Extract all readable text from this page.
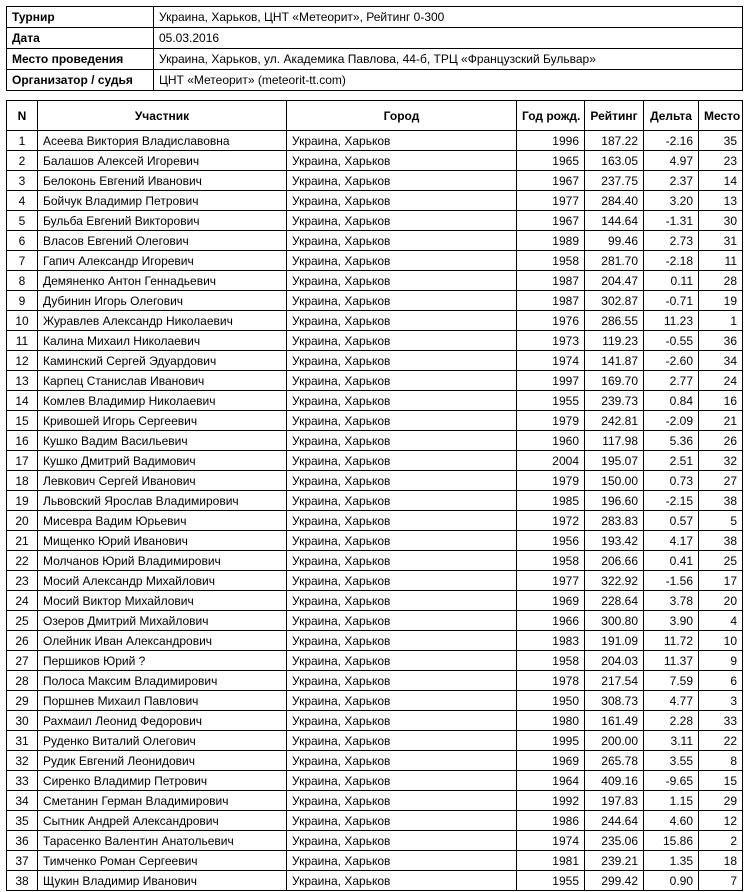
Турнир	Украина, Харьков, ЦНТ «Метеорит», Рейтинг 0-300
Дата	05.03.2016
Место проведения	Украина, Харьков, ул. Академика Павлова, 44-б, ТРЦ «Французский Бульвар»
Организатор / судья	ЦНТ «Метеорит» (meteorit-tt.com)
N	Участник	Город	Год рожд.	Рейтинг	Дельта	Место
1	Асеева Виктория Владиславовна	Украина, Харьков	1996	187.22	-2.16	35
2	Балашов Алексей Игоревич	Украина, Харьков	1965	163.05	4.97	23
3	Белоконь Евгений Иванович	Украина, Харьков	1967	237.75	2.37	14
4	Бойчук Владимир Петрович	Украина, Харьков	1977	284.40	3.20	13
5	Бульба Евгений Викторович	Украина, Харьков	1967	144.64	-1.31	30
6	Власов Евгений Олегович	Украина, Харьков	1989	99.46	2.73	31
7	Гапич Александр Игоревич	Украина, Харьков	1958	281.70	-2.18	11
8	Демяненко Антон Геннадьевич	Украина, Харьков	1987	204.47	0.11	28
9	Дубинин Игорь Олегович	Украина, Харьков	1987	302.87	-0.71	19
10	Журавлев Александр Николаевич	Украина, Харьков	1976	286.55	11.23	1
11	Калина Михаил Николаевич	Украина, Харьков	1973	119.23	-0.55	36
12	Каминский Сергей Эдуардович	Украина, Харьков	1974	141.87	-2.60	34
13	Карпец Станислав Иванович	Украина, Харьков	1997	169.70	2.77	24
14	Комлев Владимир Николаевич	Украина, Харьков	1955	239.73	0.84	16
15	Кривошей Игорь Сергеевич	Украина, Харьков	1979	242.81	-2.09	21
16	Кушко Вадим Васильевич	Украина, Харьков	1960	117.98	5.36	26
17	Кушко Дмитрий Вадимович	Украина, Харьков	2004	195.07	2.51	32
18	Левкович Сергей Иванович	Украина, Харьков	1979	150.00	0.73	27
19	Львовский Ярослав Владимирович	Украина, Харьков	1985	196.60	-2.15	38
20	Мисевра Вадим Юрьевич	Украина, Харьков	1972	283.83	0.57	5
21	Мищенко Юрий Иванович	Украина, Харьков	1956	193.42	4.17	38
22	Молчанов Юрий Владимирович	Украина, Харьков	1958	206.66	0.41	25
23	Мосий Александр Михайлович	Украина, Харьков	1977	322.92	-1.56	17
24	Мосий Виктор Михайлович	Украина, Харьков	1969	228.64	3.78	20
25	Озеров Дмитрий Михайлович	Украина, Харьков	1966	300.80	3.90	4
26	Олейник Иван Александрович	Украина, Харьков	1983	191.09	11.72	10
27	Першиков Юрий ?	Украина, Харьков	1958	204.03	11.37	9
28	Полоса Максим Владимирович	Украина, Харьков	1978	217.54	7.59	6
29	Поршнев Михаил Павлович	Украина, Харьков	1950	308.73	4.77	3
30	Рахмаил Леонид Федорович	Украина, Харьков	1980	161.49	2.28	33
31	Руденко Виталий Олегович	Украина, Харьков	1995	200.00	3.11	22
32	Рудик Евгений Леонидович	Украина, Харьков	1969	265.78	3.55	8
33	Сиренко Владимир Петрович	Украина, Харьков	1964	409.16	-9.65	15
34	Сметанин Герман Владимирович	Украина, Харьков	1992	197.83	1.15	29
35	Сытник Андрей Александрович	Украина, Харьков	1986	244.64	4.60	12
36	Тарасенко Валентин Анатольевич	Украина, Харьков	1974	235.06	15.86	2
37	Тимченко Роман Сергеевич	Украина, Харьков	1981	239.21	1.35	18
38	Щукин Владимир Иванович	Украина, Харьков	1955	299.42	0.90	7
